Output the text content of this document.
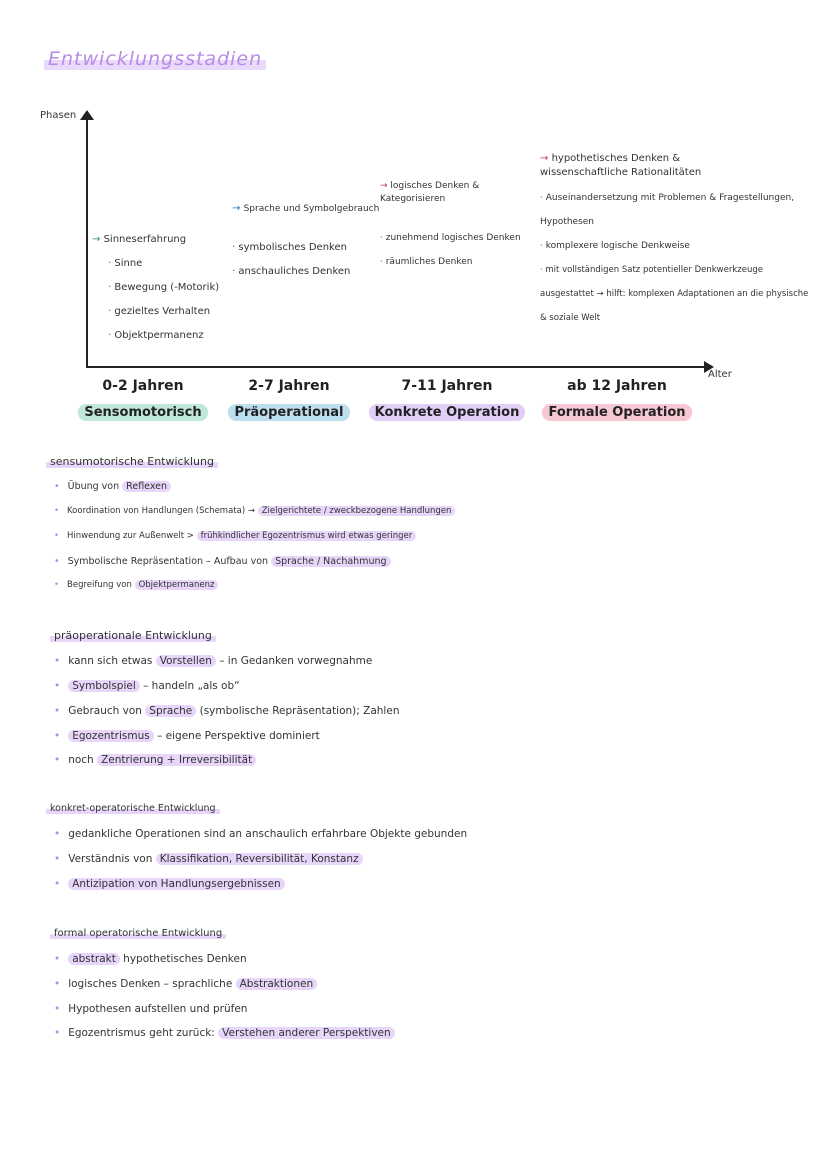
Entwicklungsstadien
Phasen
Alter
→ Sinneserfahrung
· Sinne
· Bewegung (-Motorik)
· gezieltes Verhalten
· Objektpermanenz
→ Sprache und Symbolgebrauch
· symbolisches Denken
· anschauliches Denken
→ logisches Denken & Kategorisieren
· zunehmend logisches Denken
· räumliches Denken
→ hypothetisches Denken & wissenschaftliche Rationalitäten
· Auseinandersetzung mit Problemen & Fragestellungen, Hypothesen
· komplexere logische Denkweise
· mit vollständigen Satz potentieller Denkwerkzeuge ausgestattet → hilft: komplexen Adaptationen an die physische & soziale Welt
0-2 Jahren
Sensomotorisch
2-7 Jahren
Präoperational
7-11 Jahren
Konkrete Operation
ab 12 Jahren
Formale Operation
sensumotorische Entwicklung
• Übung von Reflexen
• Koordination von Handlungen (Schemata) → Zielgerichtete / zweckbezogene Handlungen
• Hinwendung zur Außenwelt > frühkindlicher Egozentrismus wird etwas geringer
• Symbolische Repräsentation – Aufbau von Sprache / Nachahmung
• Begreifung von Objektpermanenz
präoperationale Entwicklung
• kann sich etwas Vorstellen – in Gedanken vorwegnahme
• Symbolspiel – handeln „als ob“
• Gebrauch von Sprache (symbolische Repräsentation); Zahlen
• Egozentrismus – eigene Perspektive dominiert
• noch Zentrierung + Irreversibilität
konkret-operatorische Entwicklung
• gedankliche Operationen sind an anschaulich erfahrbare Objekte gebunden
• Verständnis von Klassifikation, Reversibilität, Konstanz
• Antizipation von Handlungsergebnissen
formal operatorische Entwicklung
• abstrakt hypothetisches Denken
• logisches Denken – sprachliche Abstraktionen
• Hypothesen aufstellen und prüfen
• Egozentrismus geht zurück: Verstehen anderer Perspektiven
